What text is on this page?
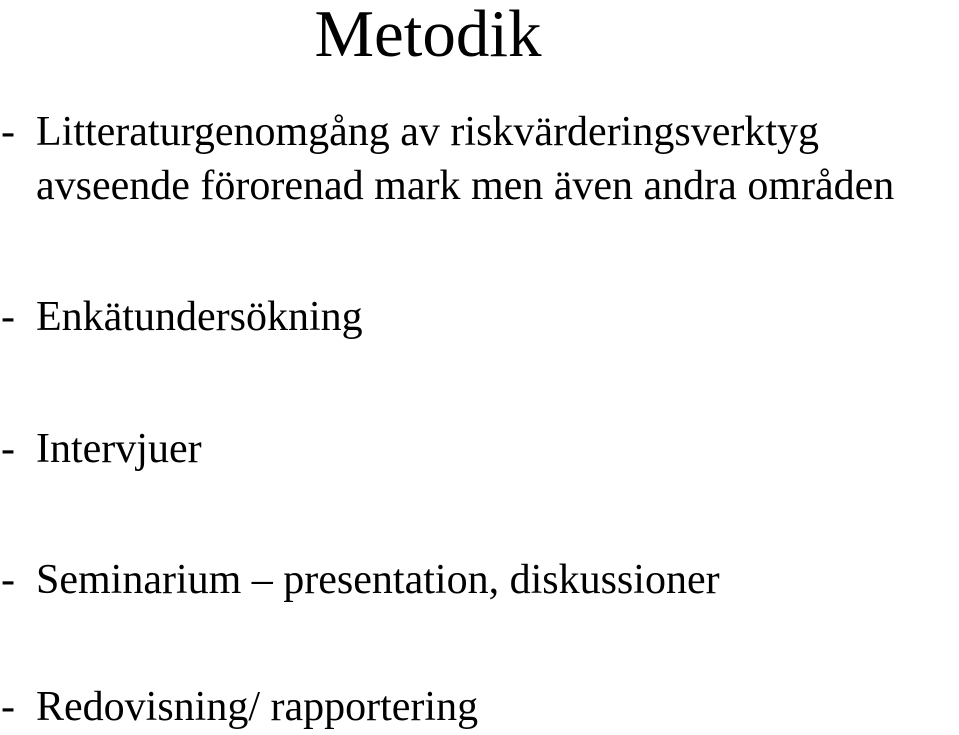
Metodik
- Litteraturgenomgång av riskvärderingsverktyg
avseende förorenad mark men även andra områden
- Enkätundersökning
- Intervjuer
- Seminarium – presentation, diskussioner
- Redovisning/ rapportering
